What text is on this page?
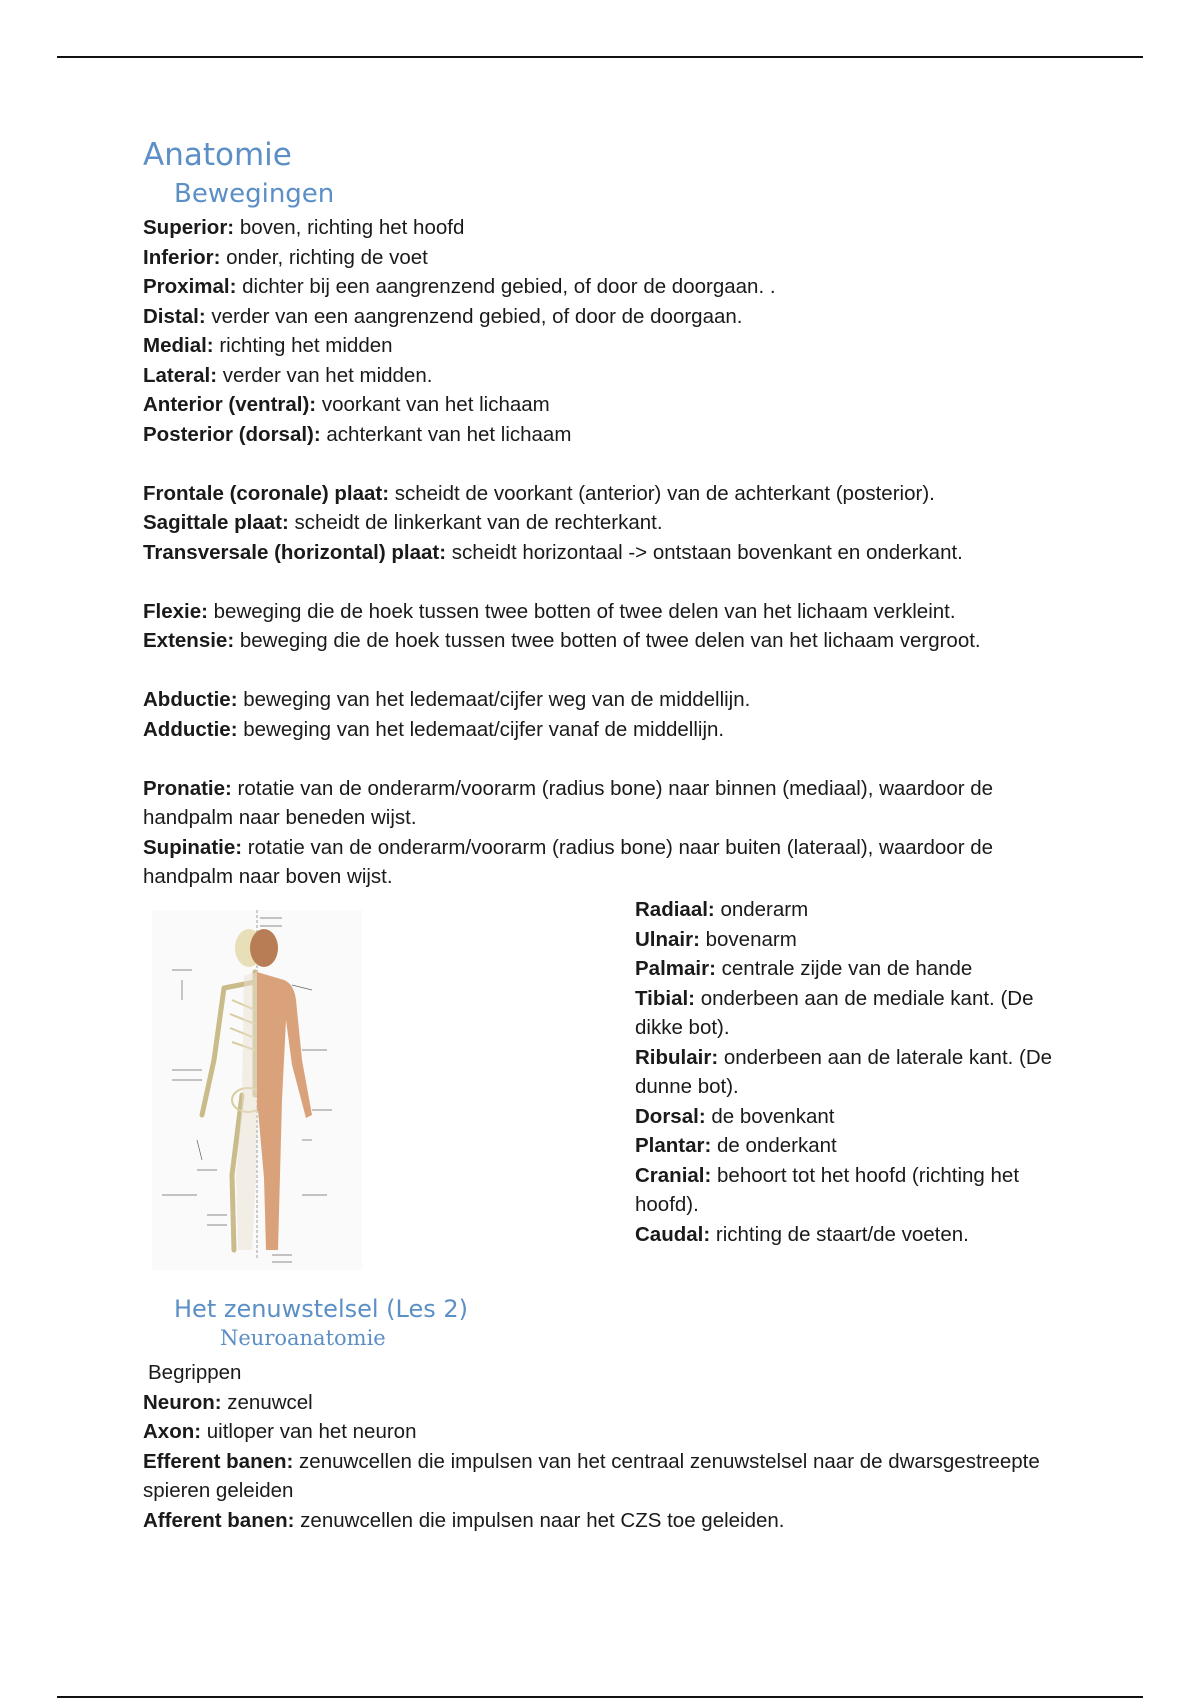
Anatomie
Bewegingen

Superior: boven, richting het hoofd

Inferior: onder, richting de voet

Proximal: dichter bij een aangrenzend gebied, of door de doorgaan. .

Distal: verder van een aangrenzend gebied, of door de doorgaan.

Medial: richting het midden

Lateral: verder van het midden.

Anterior (ventral): voorkant van het lichaam

Posterior (dorsal): achterkant van het lichaam

Frontale (coronale) plaat: scheidt de voorkant (anterior) van de achterkant (posterior).

Sagittale plaat: scheidt de linkerkant van de rechterkant.

Transversale (horizontal) plaat: scheidt horizontaal -> ontstaan bovenkant en onderkant.

Flexie: beweging die de hoek tussen twee botten of twee delen van het lichaam verkleint.

Extensie: beweging die de hoek tussen twee botten of twee delen van het lichaam vergroot.

Abductie: beweging van het ledemaat/cijfer weg van de middellijn.

Adductie: beweging van het ledemaat/cijfer vanaf de middellijn.

Pronatie: rotatie van de onderarm/voorarm (radius bone) naar binnen (mediaal), waardoor de handpalm naar beneden wijst.

Supinatie: rotatie van de onderarm/voorarm (radius bone) naar buiten (lateraal), waardoor de handpalm naar boven wijst.

Radiaal: onderarm

Ulnair: bovenarm

Palmair: centrale zijde van de hande

Tibial: onderbeen aan de mediale kant. (De dikke bot).

Ribulair: onderbeen aan de laterale kant. (De dunne bot).

Dorsal: de bovenkant

Plantar: de onderkant

Cranial: behoort tot het hoofd (richting het hoofd).

Caudal: richting de staart/de voeten.

Het zenuwstelsel (Les 2)
Neuroanatomie

Begrippen

Neuron: zenuwcel

Axon: uitloper van het neuron

Efferent banen: zenuwcellen die impulsen van het centraal zenuwstelsel naar de dwarsgestreepte spieren geleiden

Afferent banen: zenuwcellen die impulsen naar het CZS toe geleiden.
